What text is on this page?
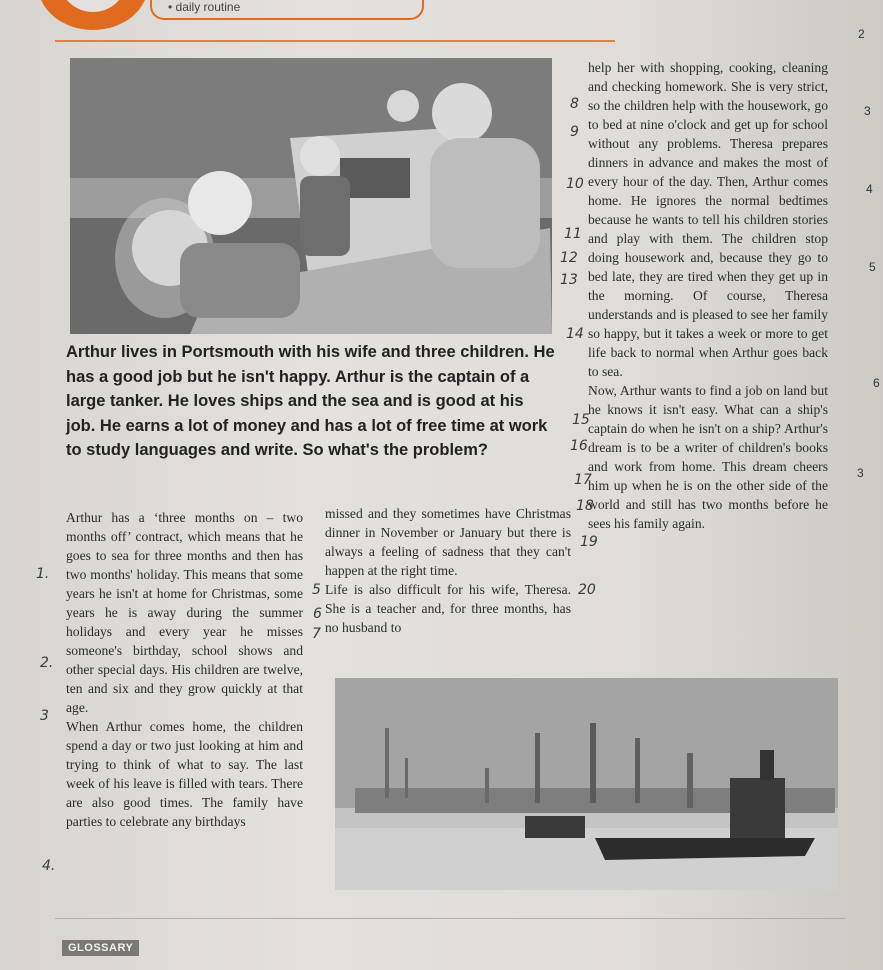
• daily routine
2
3
4
5
6
3
Arthur lives in Portsmouth with his wife and three children. He has a good job but he isn't happy. Arthur is the captain of a large tanker. He loves ships and the sea and is good at his job. He earns a lot of money and has a lot of free time at work to study languages and write. So what's the problem?

Arthur has a ‘three months on – two months off’ contract, which means that he goes to sea for three months and then has two months' holiday. This means that some years he isn't at home for Christmas, some years he is away during the summer holidays and every year he misses someone's birthday, school shows and other special days. His children are twelve, ten and six and they grow quickly at that age.

When Arthur comes home, the children spend a day or two just looking at him and trying to think of what to say. The last week of his leave is filled with tears. There are also good times. The family have parties to celebrate any birthdays

missed and they sometimes have Christmas dinner in November or January but there is always a feeling of sadness that they can't happen at the right time.

Life is also difficult for his wife, Theresa. She is a teacher and, for three months, has no husband to

help her with shopping, cooking, cleaning and checking homework. She is very strict, so the children help with the housework, go to bed at nine o'clock and get up for school without any problems. Theresa prepares dinners in advance and makes the most of every hour of the day. Then, Arthur comes home. He ignores the normal bedtimes because he wants to tell his children stories and play with them. The children stop doing housework and, because they go to bed late, they are tired when they get up in the morning. Of course, Theresa understands and is pleased to see her family so happy, but it takes a week or more to get life back to normal when Arthur goes back to sea.

Now, Arthur wants to find a job on land but he knows it isn't easy. What can a ship's captain do when he isn't on a ship? Arthur's dream is to be a writer of children's books and work from home. This dream cheers him up when he is on the other side of the world and still has two months before he sees his family again.

1.
2.
3
4.
5
6
7
8
9
10
11
12
13
14
15
16
17
18
19
20
GLOSSARY
